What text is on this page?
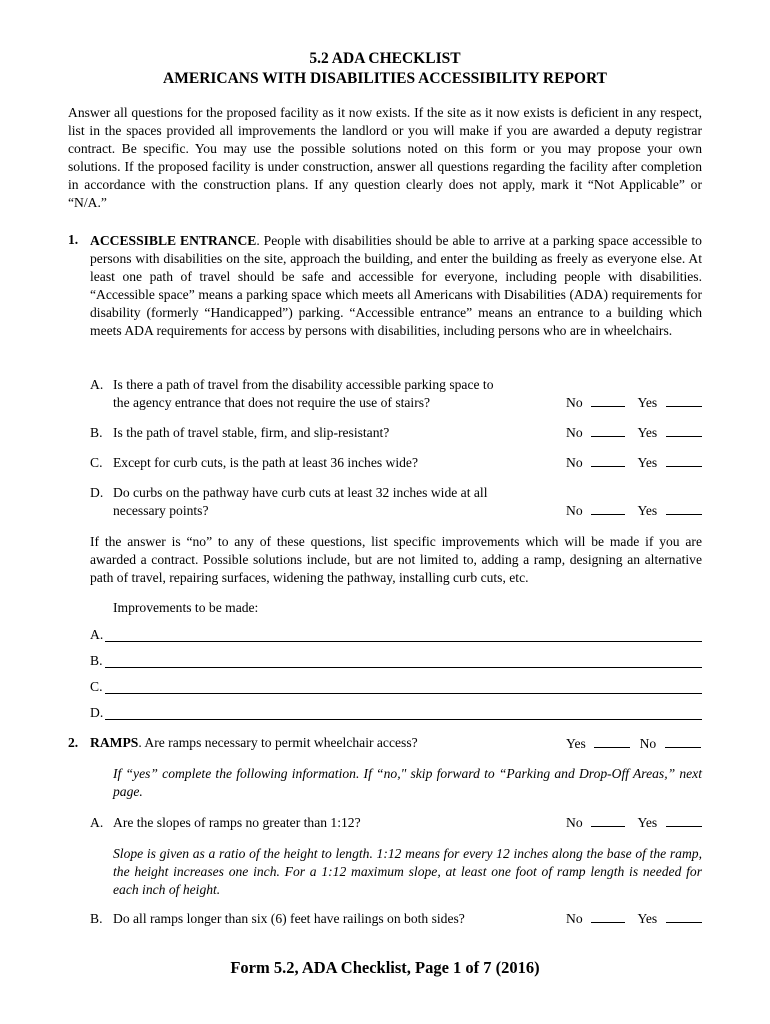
5.2 ADA CHECKLIST
AMERICANS WITH DISABILITIES ACCESSIBILITY REPORT

Answer all questions for the proposed facility as it now exists. If the site as it now exists is deficient in any respect, list in the spaces provided all improvements the landlord or you will make if you are awarded a deputy registrar contract. Be specific. You may use the possible solutions noted on this form or you may propose your own solutions. If the proposed facility is under construction, answer all questions regarding the facility after completion in accordance with the construction plans. If any question clearly does not apply, mark it “Not Applicable” or “N/A.”

1. ACCESSIBLE ENTRANCE. People with disabilities should be able to arrive at a parking space accessible to persons with disabilities on the site, approach the building, and enter the building as freely as everyone else. At least one path of travel should be safe and accessible for everyone, including people with disabilities. “Accessible space” means a parking space which meets all Americans with Disabilities (ADA) requirements for disability (formerly “Handicapped”) parking. “Accessible entrance” means an entrance to a building which meets ADA requirements for access by persons with disabilities, including persons who are in wheelchairs.

A. Is there a path of travel from the disability accessible parking space to
the agency entrance that does not require the use of stairs?	No	Yes
B. Is the path of travel stable, firm, and slip-resistant?	No	Yes
C. Except for curb cuts, is the path at least 36 inches wide?	No	Yes
D. Do curbs on the pathway have curb cuts at least 32 inches wide at all
necessary points?	No	Yes

If the answer is “no” to any of these questions, list specific improvements which will be made if you are awarded a contract. Possible solutions include, but are not limited to, adding a ramp, designing an alternative path of travel, repairing surfaces, widening the pathway, installing curb cuts, etc.

Improvements to be made:
A.
B.
C.
D.
2. RAMPS. Are ramps necessary to permit wheelchair access?	Yes	No

If “yes” complete the following information. If “no," skip forward to “Parking and Drop-Off Areas,” next page.

A. Are the slopes of ramps no greater than 1:12?	No	Yes

Slope is given as a ratio of the height to length. 1:12 means for every 12 inches along the base of the ramp, the height increases one inch. For a 1:12 maximum slope, at least one foot of ramp length is needed for each inch of height.

B. Do all ramps longer than six (6) feet have railings on both sides?	No	Yes
Form 5.2, ADA Checklist, Page 1 of 7 (2016)
